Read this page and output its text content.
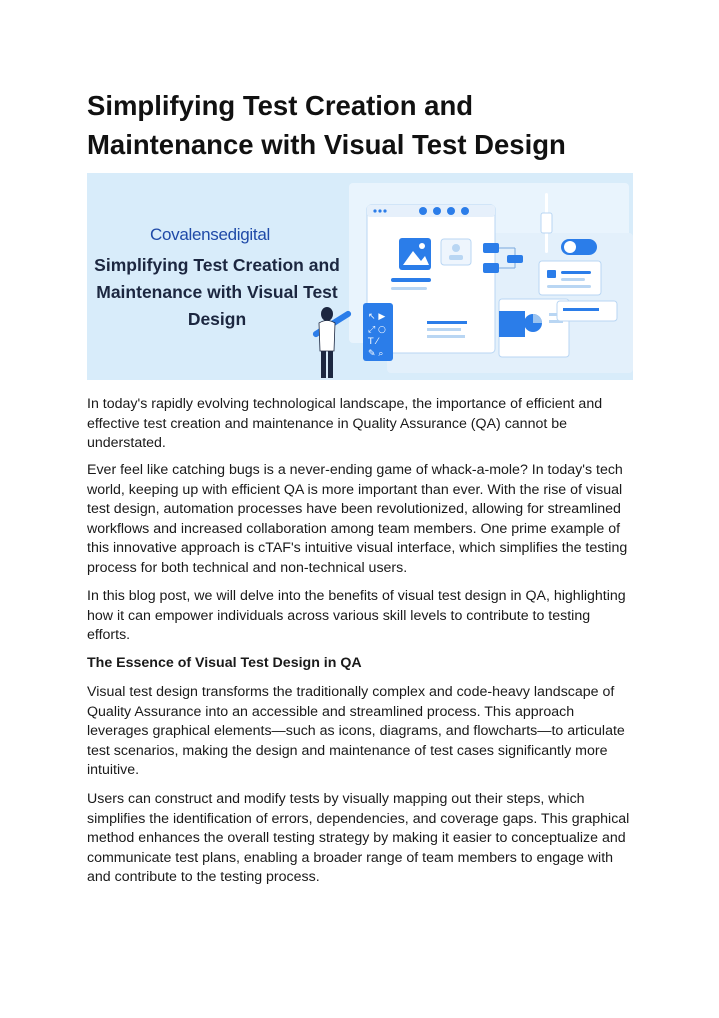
Simplifying Test Creation and Maintenance with Visual Test Design
↖ ▶
⤢ ○
T ⁄
✎ ⌕
Covalensedigital
Simplifying Test Creation and Maintenance with Visual Test Design

In today's rapidly evolving technological landscape, the importance of efficient and effective test creation and maintenance in Quality Assurance (QA) cannot be understated.

Ever feel like catching bugs is a never-ending game of whack-a-mole? In today's tech world, keeping up with efficient QA is more important than ever. With the rise of visual test design, automation processes have been revolutionized, allowing for streamlined workflows and increased collaboration among team members. One prime example of this innovative approach is cTAF's intuitive visual interface, which simplifies the testing process for both technical and non-technical users.

In this blog post, we will delve into the benefits of visual test design in QA, highlighting how it can empower individuals across various skill levels to contribute to testing efforts.

The Essence of Visual Test Design in QA

Visual test design transforms the traditionally complex and code-heavy landscape of Quality Assurance into an accessible and streamlined process. This approach leverages graphical elements—such as icons, diagrams, and flowcharts—to articulate test scenarios, making the design and maintenance of test cases significantly more intuitive.

Users can construct and modify tests by visually mapping out their steps, which simplifies the identification of errors, dependencies, and coverage gaps. This graphical method enhances the overall testing strategy by making it easier to conceptualize and communicate test plans, enabling a broader range of team members to engage with and contribute to the testing process.
